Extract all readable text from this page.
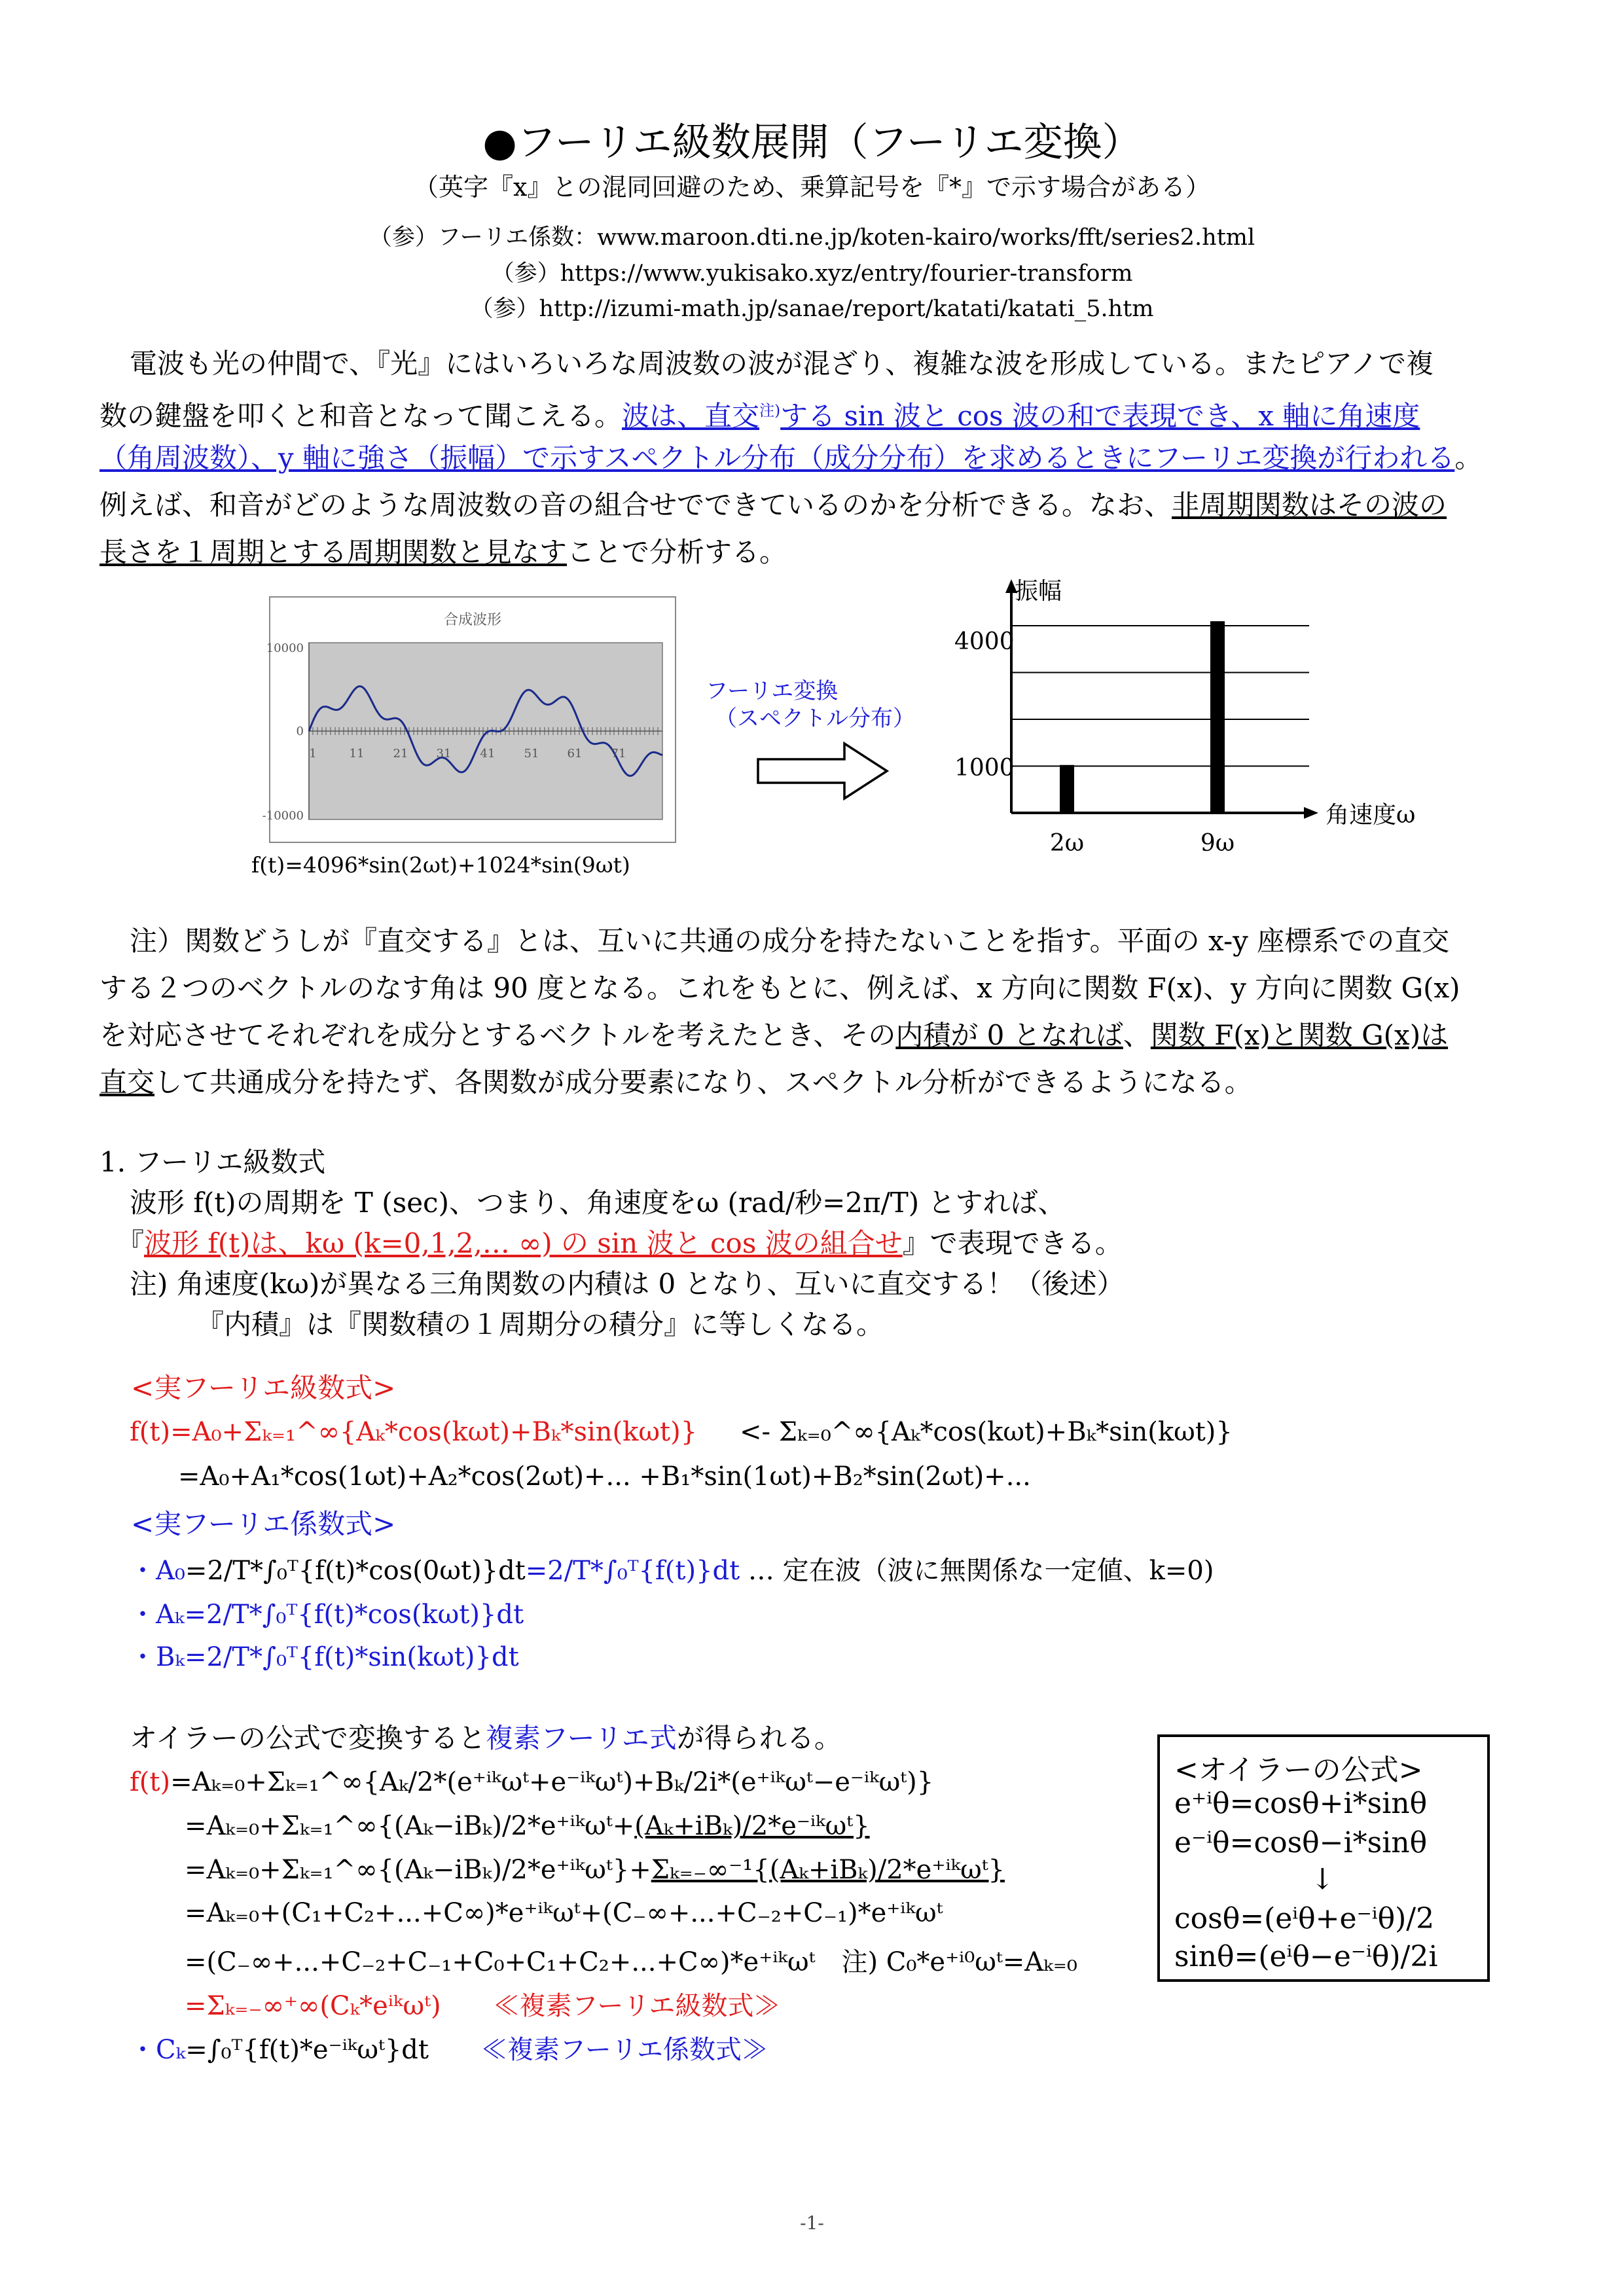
●フーリエ級数展開（フーリエ変換）
（英字『x』との混同回避のため、乗算記号を『*』で示す場合がある）
（参）フーリエ係数：www.maroon.dti.ne.jp/koten-kairo/works/fft/series2.html
（参）https://www.yukisako.xyz/entry/fourier-transform
（参）http://izumi-math.jp/sanae/report/katati/katati_5.htm
電波も光の仲間で、『光』にはいろいろな周波数の波が混ざり、複雑な波を形成している。またピアノで複
数の鍵盤を叩くと和音となって聞こえる。波は、直交$^{注)}$する sin 波と cos 波の和で表現でき、x 軸に角速度
（角周波数）、y 軸に強さ（振幅）で示すスペクトル分布（成分分布）を求めるときにフーリエ変換が行われる。
例えば、和音がどのような周波数の音の組合せでできているのかを分析できる。なお、非周期関数はその波の
長さを１周期とする周期関数と見なすことで分析する。
合成波形
10000
0
-10000
1	11 21 31 41 51 61 71
f(t)=4096*sin(2ωt)+1024*sin(9ωt)
フーリエ変換
（スペクトル分布）
振幅
角速度ω
4000
1000
2ω	9ω
注）関数どうしが『直交する』とは、互いに共通の成分を持たないことを指す。平面の x-y 座標系での直交
する２つのベクトルのなす角は 90 度となる。これをもとに、例えば、x 方向に関数 F(x)、y 方向に関数 G(x)
を対応させてそれぞれを成分とするベクトルを考えたとき、その内積が 0 となれば、関数 F(x)と関数 G(x)は
直交して共通成分を持たず、各関数が成分要素になり、スペクトル分析ができるようになる。
1. フーリエ級数式
波形 f(t)の周期を T (sec)、つまり、角速度をω (rad/秒=2π/T) とすれば、
『波形 f(t)は、kω (k=0,1,2,… ∞) の sin 波と cos 波の組合せ』で表現できる。
注) 角速度(kω)が異なる三角関数の内積は 0 となり、互いに直交する！（後述）
『内積』は『関数積の１周期分の積分』に等しくなる。
<実フーリエ級数式>
f(t)=A₀+Σₖ₌₁^∞{Aₖ*cos(kωt)+Bₖ*sin(kωt)} <- Σₖ₌₀^∞{Aₖ*cos(kωt)+Bₖ*sin(kωt)}
=A₀+A₁*cos(1ωt)+A₂*cos(2ωt)+... +B₁*sin(1ωt)+B₂*sin(2ωt)+...
<実フーリエ係数式>
・A₀=2/T*∫₀ᵀ{f(t)*cos(0ωt)}dt=2/T*∫₀ᵀ{f(t)}dt … 定在波（波に無関係な一定値、k=0)
・Aₖ=2/T*∫₀ᵀ{f(t)*cos(kωt)}dt
・Bₖ=2/T*∫₀ᵀ{f(t)*sin(kωt)}dt
オイラーの公式で変換すると複素フーリエ式が得られる。
f(t)=Aₖ₌₀+Σₖ₌₁^∞{Aₖ/2*(e⁺ⁱᵏωᵗ+e⁻ⁱᵏωᵗ)+Bₖ/2i*(e⁺ⁱᵏωᵗ−e⁻ⁱᵏωᵗ)}
=Aₖ₌₀+Σₖ₌₁^∞{(Aₖ−iBₖ)/2*e⁺ⁱᵏωᵗ+(Aₖ+iBₖ)/2*e⁻ⁱᵏωᵗ}
=Aₖ₌₀+Σₖ₌₁^∞{(Aₖ−iBₖ)/2*e⁺ⁱᵏωᵗ}+Σₖ₌₋∞⁻¹{(Aₖ+iBₖ)/2*e⁺ⁱᵏωᵗ}
=Aₖ₌₀+(C₁+C₂+...+C∞)*e⁺ⁱᵏωᵗ+(C₋∞+...+C₋₂+C₋₁)*e⁺ⁱᵏωᵗ
=(C₋∞+...+C₋₂+C₋₁+C₀+C₁+C₂+...+C∞)*e⁺ⁱᵏωᵗ　注) C₀*e⁺ⁱ⁰ωᵗ=Aₖ₌₀
=Σₖ₌₋∞⁺∞(Cₖ*eⁱᵏωᵗ)　　 ≪複素フーリエ級数式≫
・Cₖ=∫₀ᵀ{f(t)*e⁻ⁱᵏωᵗ}dt　　 ≪複素フーリエ係数式≫
<オイラーの公式>
e⁺ⁱθ=cosθ+i*sinθ
e⁻ⁱθ=cosθ−i*sinθ
↓
cosθ=(eⁱθ+e⁻ⁱθ)/2
sinθ=(eⁱθ−e⁻ⁱθ)/2i
-1-
